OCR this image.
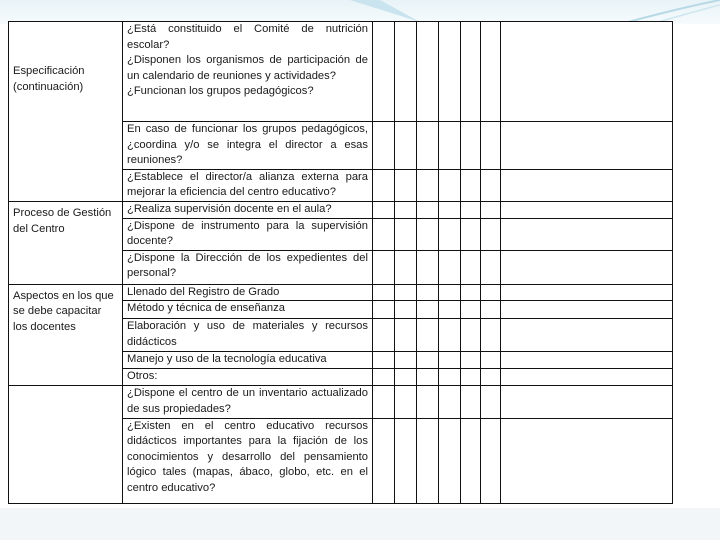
Especificación (continuación)	¿Está constituido el Comité de nutrición escolar?
¿Disponen los organismos de participación de un calendario de reuniones y actividades?
¿Funcionan los grupos pedagógicos?							

	En caso de funcionar los grupos pedagógicos, ¿coordina y/o se integra el director a esas reuniones?							

	¿Establece el director/a alianza externa para mejorar la eficiencia del centro educativo?							

Proceso de Gestión del Centro	¿Realiza supervisión docente en el aula?							

	¿Dispone de instrumento para la supervisión docente?							

	¿Dispone la Dirección de los expedientes del personal?							

Aspectos en los que se debe capacitar los docentes	Llenado del Registro de Grado							

	Método y técnica de enseñanza							

	Elaboración y uso de materiales y recursos didácticos							

	Manejo y uso de la tecnología educativa							

	Otros:							

	¿Dispone el centro de un inventario actualizado de sus propiedades?							

	¿Existen en el centro educativo recursos didácticos importantes para la fijación de los conocimientos y desarrollo del pensamiento lógico tales (mapas, ábaco, globo, etc. en el centro educativo?							
